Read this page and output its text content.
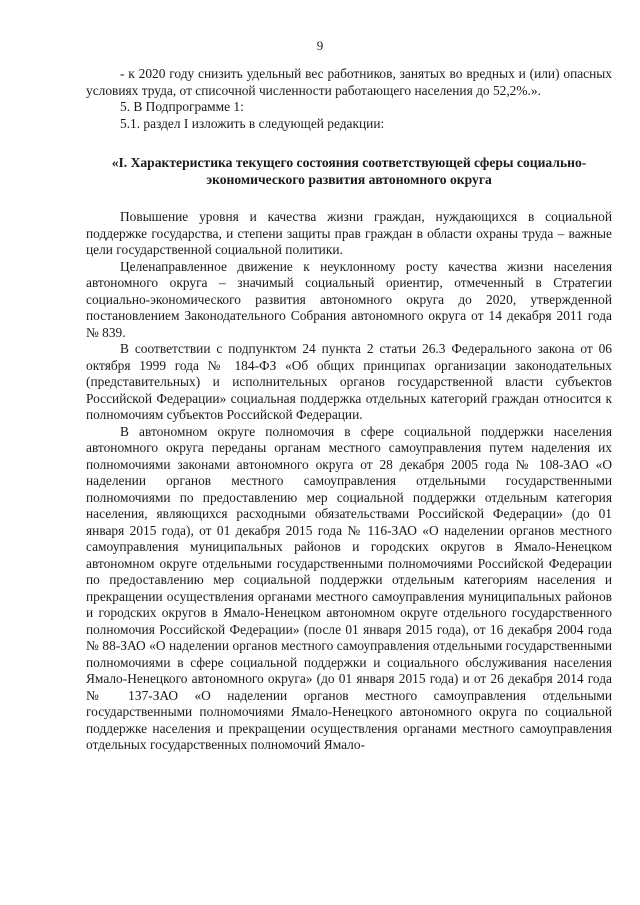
9

- к 2020 году снизить удельный вес работников, занятых во вредных и (или) опасных условиях труда, от списочной численности работающего населения до 52,2%.».

5. В Подпрограмме 1:

5.1. раздел I изложить в следующей редакции:

«I. Характеристика текущего состояния соответствующей сферы социально-экономического развития автономного округа

Повышение уровня и качества жизни граждан, нуждающихся в социальной поддержке государства, и степени защиты прав граждан в области охраны труда – важные цели государственной социальной политики.

Целенаправленное движение к неуклонному росту качества жизни населения автономного округа – значимый социальный ориентир, отмеченный в Стратегии социально-экономического развития автономного округа до 2020, утвержденной постановлением Законодательного Собрания автономного округа от 14 декабря 2011 года № 839.

В соответствии с подпунктом 24 пункта 2 статьи 26.3 Федерального закона от 06 октября 1999 года № 184-ФЗ «Об общих принципах организации законодательных (представительных) и исполнительных органов государственной власти субъектов Российской Федерации» социальная поддержка отдельных категорий граждан относится к полномочиям субъектов Российской Федерации.

В автономном округе полномочия в сфере социальной поддержки населения автономного округа переданы органам местного самоуправления путем наделения их полномочиями законами автономного округа от 28 декабря 2005 года № 108-ЗАО «О наделении органов местного самоуправления отдельными государственными полномочиями по предоставлению мер социальной поддержки отдельным категория населения, являющихся расходными обязательствами Российской Федерации» (до 01 января 2015 года), от 01 декабря 2015 года № 116-ЗАО «О наделении органов местного самоуправления муниципальных районов и городских округов в Ямало-Ненецком автономном округе отдельными государственными полномочиями Российской Федерации по предоставлению мер социальной поддержки отдельным категориям населения и прекращении осуществления органами местного самоуправления муниципальных районов и городских округов в Ямало-Ненецком автономном округе отдельного государственного полномочия Российской Федерации» (после 01 января 2015 года), от 16 декабря 2004 года № 88-ЗАО «О наделении органов местного самоуправления отдельными государственными полномочиями в сфере социальной поддержки и социального обслуживания населения Ямало-Ненецкого автономного округа» (до 01 января 2015 года) и от 26 декабря 2014 года № 137-ЗАО «О наделении органов местного самоуправления отдельными государственными полномочиями Ямало-Ненецкого автономного округа по социальной поддержке населения и прекращении осуществления органами местного самоуправления отдельных государственных полномочий Ямало-
